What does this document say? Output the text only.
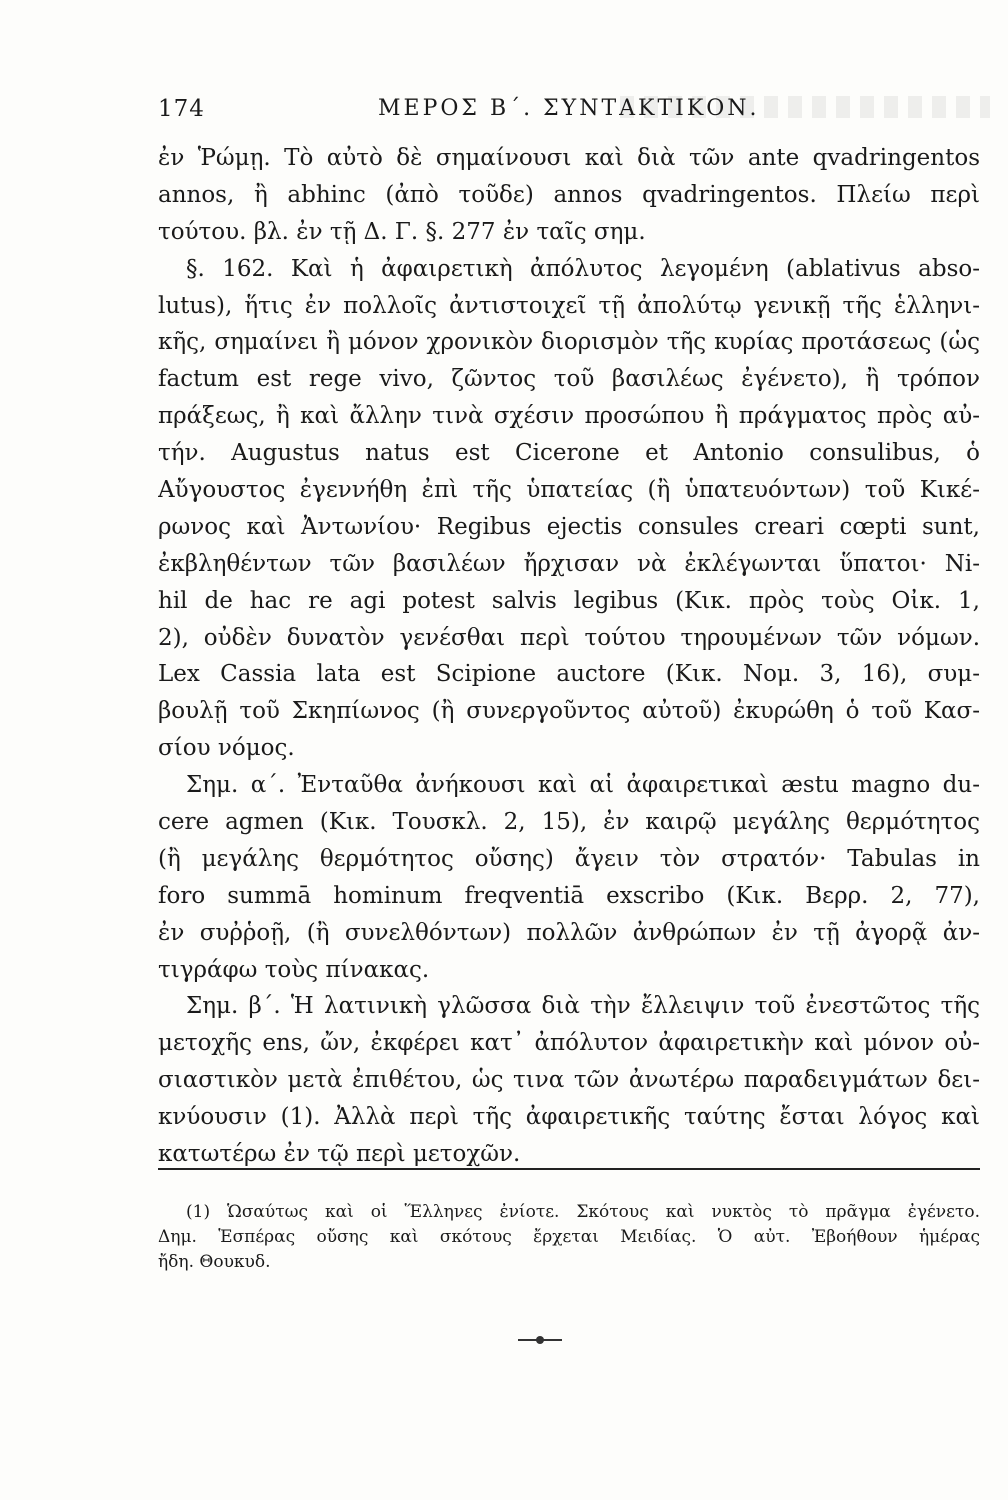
174	ΜΕΡΟΣ Β΄. ΣΥΝΤΑΚΤΙΚΟΝ.
ἐν Ῥώμῃ. Τὸ αὐτὸ δὲ σημαίνουσι καὶ διὰ τῶν ante qvadringentos
annos, ἢ abhinc (ἀπὸ τοῦδε) annos qvadringentos. Πλείω περὶ
τούτου. βλ. ἐν τῇ Δ. Γ. §. 277 ἐν ταῖς σημ.
§. 162. Καὶ ἡ ἀφαιρετικὴ ἀπόλυτος λεγομένη (ablativus abso-
lutus), ἥτις ἐν πολλοῖς ἀντιστοιχεῖ τῇ ἀπολύτῳ γενικῇ τῆς ἑλληνι-
κῆς, σημαίνει ἢ μόνον χρονικὸν διορισμὸν τῆς κυρίας προτάσεως (ὡς
factum est rege vivo, ζῶντος τοῦ βασιλέως ἐγένετο), ἢ τρόπον
πράξεως, ἢ καὶ ἄλλην τινὰ σχέσιν προσώπου ἢ πράγματος πρὸς αὐ-
τήν. Augustus natus est Cicerone et Antonio consulibus, ὁ
Αὔγουστος ἐγεννήθη ἐπὶ τῆς ὑπατείας (ἢ ὑπατευόντων) τοῦ Κικέ-
ρωνος καὶ Ἀντωνίου· Regibus ejectis consules creari cœpti sunt,
ἐκβληθέντων τῶν βασιλέων ἤρχισαν νὰ ἐκλέγωνται ὕπατοι· Ni-
hil de hac re agi potest salvis legibus (Κικ. πρὸς τοὺς Οἰκ. 1,
2), οὐδὲν δυνατὸν γενέσθαι περὶ τούτου τηρουμένων τῶν νόμων.
Lex Cassia lata est Scipione auctore (Κικ. Νομ. 3, 16), συμ-
βουλῇ τοῦ Σκηπίωνος (ἢ συνεργοῦντος αὐτοῦ) ἐκυρώθη ὁ τοῦ Κασ-
σίου νόμος.
Σημ. α΄. Ἐνταῦθα ἀνήκουσι καὶ αἱ ἀφαιρετικαὶ æstu magno du-
cere agmen (Κικ. Τουσκλ. 2, 15), ἐν καιρῷ μεγάλης θερμότητος
(ἢ μεγάλης θερμότητος οὔσης) ἄγειν τὸν στρατόν· Tabulas in
foro summā hominum freqventiā exscribo (Κικ. Βερρ. 2, 77),
ἐν συῤῥοῇ, (ἢ συνελθόντων) πολλῶν ἀνθρώπων ἐν τῇ ἀγορᾷ ἀν-
τιγράφω τοὺς πίνακας.
Σημ. β΄. Ἡ λατινικὴ γλῶσσα διὰ τὴν ἔλλειψιν τοῦ ἐνεστῶτος τῆς
μετοχῆς ens, ὤν, ἐκφέρει κατ᾽ ἀπόλυτον ἀφαιρετικὴν καὶ μόνον οὐ-
σιαστικὸν μετὰ ἐπιθέτου, ὡς τινα τῶν ἀνωτέρω παραδειγμάτων δει-
κνύουσιν (1). Ἀλλὰ περὶ τῆς ἀφαιρετικῆς ταύτης ἔσται λόγος καὶ
κατωτέρω ἐν τῷ περὶ μετοχῶν.
(1) Ὡσαύτως καὶ οἱ Ἕλληνες ἐνίοτε. Σκότους καὶ νυκτὸς τὸ πρᾶγμα ἐγένετο.
Δημ. Ἑσπέρας οὔσης καὶ σκότους ἔρχεται Μειδίας. Ὁ αὐτ. Ἐβοήθουν ἡμέρας
ἤδη. Θουκυδ.
